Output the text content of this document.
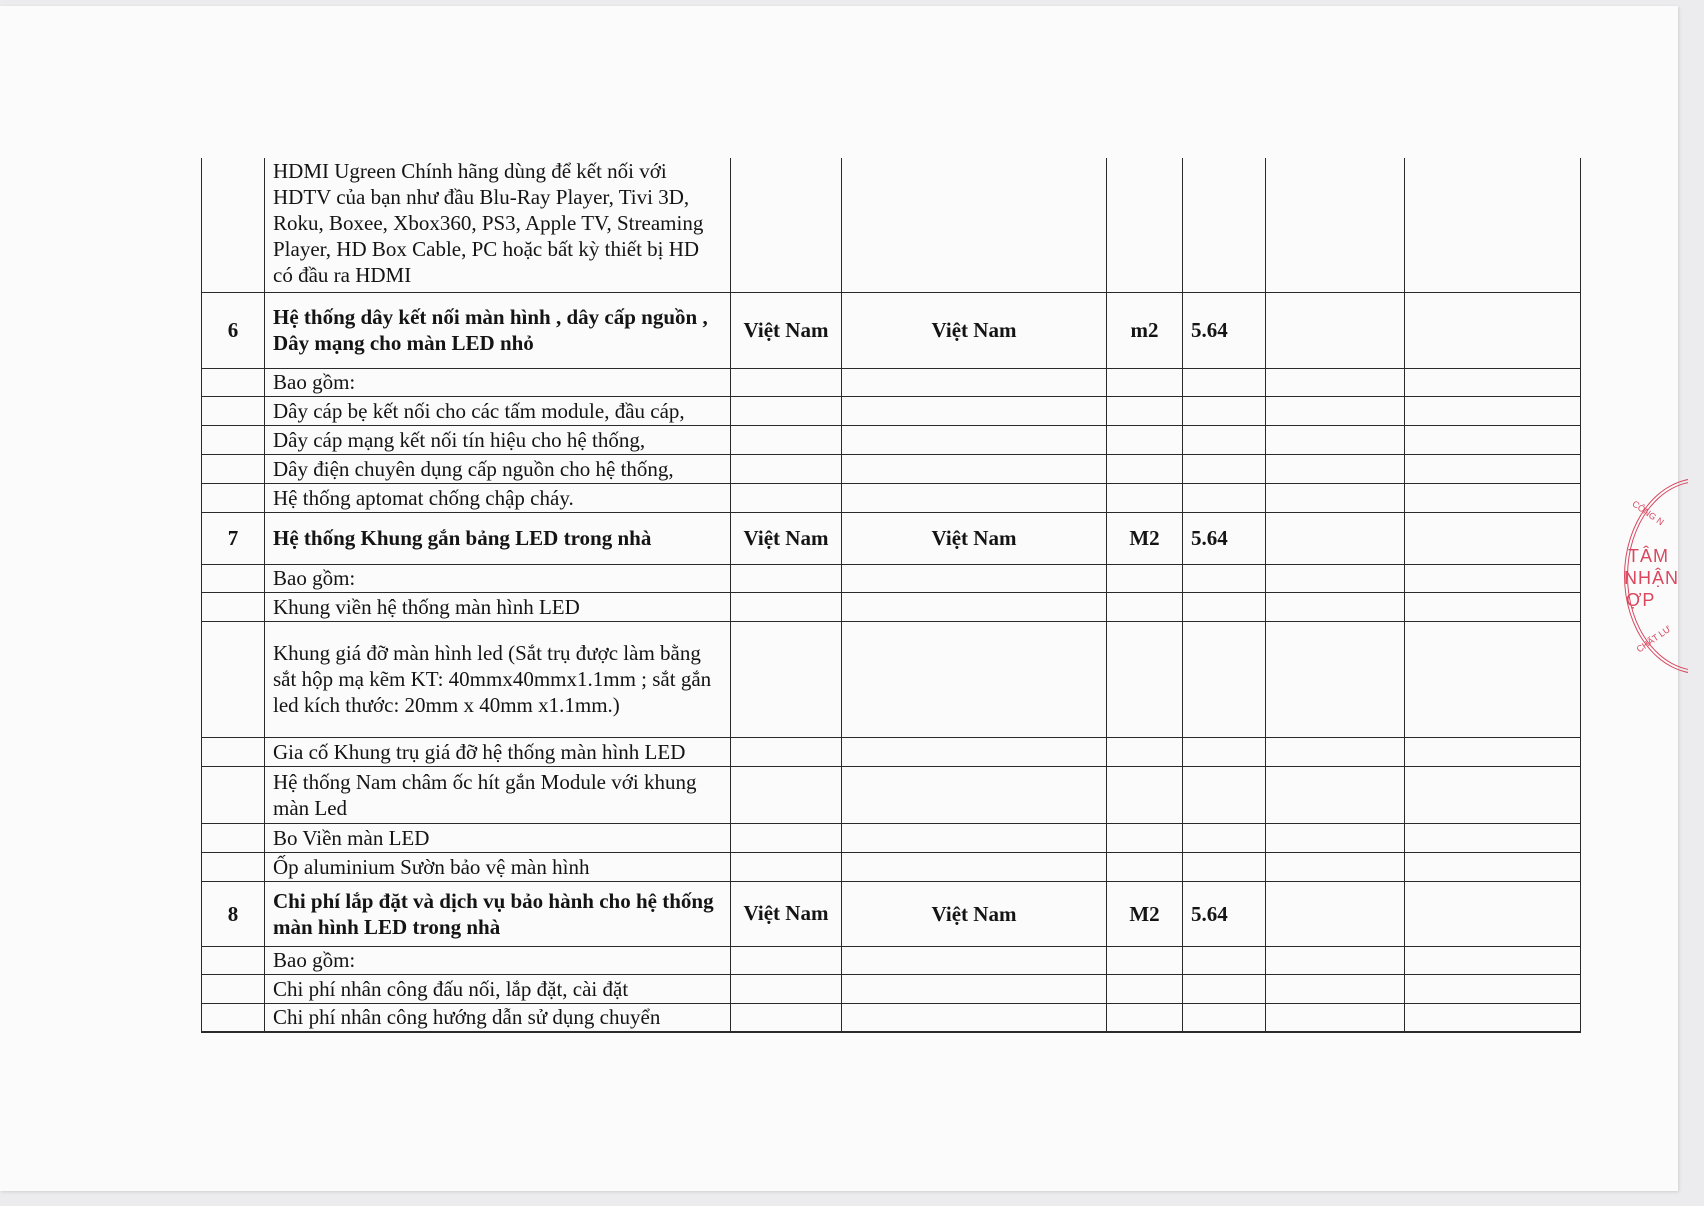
	HDMI Ugreen Chính hãng dùng để kết nối với HDTV của bạn như đầu Blu-Ray Player, Tivi 3D, Roku, Boxee, Xbox360, PS3, Apple TV, Streaming Player, HD Box Cable, PC hoặc bất kỳ thiết bị HD có đầu ra HDMI						
6	Hệ thống dây kết nối màn hình , dây cấp nguồn , Dây mạng cho màn LED nhỏ	Việt Nam	Việt Nam	m2	5.64		
	Bao gồm:						
	Dây cáp bẹ kết nối cho các tấm module, đầu cáp,						
	Dây cáp mạng kết nối tín hiệu cho hệ thống,						
	Dây điện chuyên dụng cấp nguồn cho hệ thống,						
	Hệ thống aptomat chống chập cháy.						
7	Hệ thống Khung gắn bảng LED trong nhà	Việt Nam	Việt Nam	M2	5.64		
	Bao gồm:						
	Khung viền hệ thống màn hình LED						
	Khung giá đỡ màn hình led (Sắt trụ được làm bằng sắt hộp mạ kẽm KT: 40mmx40mmx1.1mm ; sắt gắn led kích thước: 20mm x 40mm x1.1mm.)						
	Gia cố Khung trụ giá đỡ hệ thống màn hình LED						
	Hệ thống Nam châm ốc hít gắn Module với khung màn Led						
	Bo Viền màn LED						
	Ốp aluminium Sườn bảo vệ màn hình						
8	Chi phí lắp đặt và dịch vụ bảo hành cho hệ thống màn hình LED trong nhà	Việt Nam	Việt Nam	M2	5.64		
	Bao gồm:						
	Chi phí nhân công đấu nối, lắp đặt, cài đặt						
	Chi phí nhân công hướng dẫn sử dụng chuyển						
CÔNG N
TÂM
NHẬN
ỢP
CHẤT LƯ
